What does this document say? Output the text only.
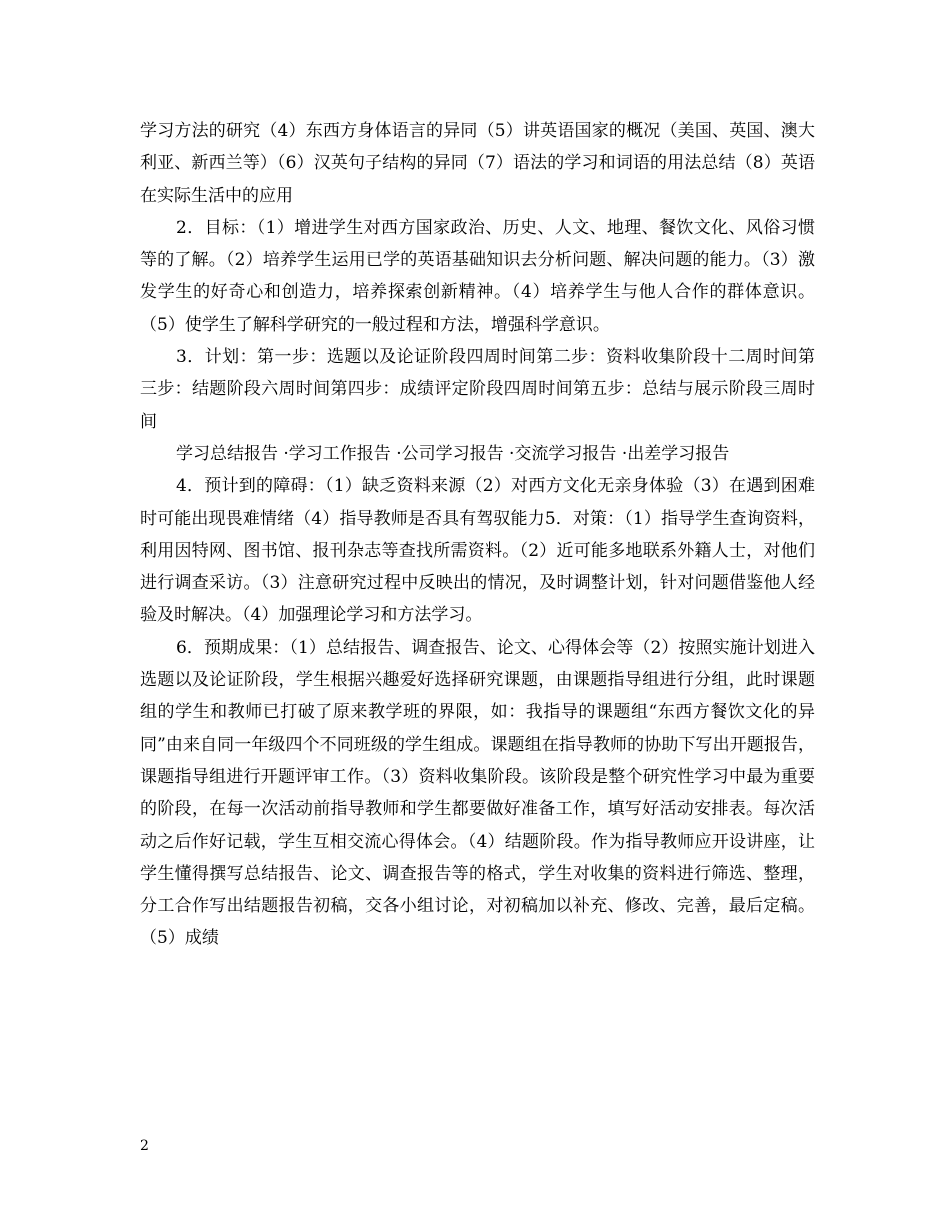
学习方法的研究（4）东西方身体语言的异同（5）讲英语国家的概况（美国、英国、澳大利亚、新西兰等）（6）汉英句子结构的异同（7）语法的学习和词语的用法总结（8）英语在实际生活中的应用

2．目标：（1）增进学生对西方国家政治、历史、人文、地理、餐饮文化、风俗习惯等的了解。（2）培养学生运用已学的英语基础知识去分析问题、解决问题的能力。（3）激发学生的好奇心和创造力，培养探索创新精神。（4）培养学生与他人合作的群体意识。（5）使学生了解科学研究的一般过程和方法，增强科学意识。

3．计划：第一步：选题以及论证阶段四周时间第二步：资料收集阶段十二周时间第三步：结题阶段六周时间第四步：成绩评定阶段四周时间第五步：总结与展示阶段三周时间

学习总结报告 ·学习工作报告 ·公司学习报告 ·交流学习报告 ·出差学习报告

4．预计到的障碍：（1）缺乏资料来源（2）对西方文化无亲身体验（3）在遇到困难时可能出现畏难情绪（4）指导教师是否具有驾驭能力5．对策：（1）指导学生查询资料，利用因特网、图书馆、报刊杂志等查找所需资料。（2）近可能多地联系外籍人士，对他们进行调查采访。（3）注意研究过程中反映出的情况，及时调整计划，针对问题借鉴他人经验及时解决。（4）加强理论学习和方法学习。

6．预期成果：（1）总结报告、调查报告、论文、心得体会等（2）按照实施计划进入选题以及论证阶段，学生根据兴趣爱好选择研究课题，由课题指导组进行分组，此时课题组的学生和教师已打破了原来教学班的界限，如：我指导的课题组“东西方餐饮文化的异同”由来自同一年级四个不同班级的学生组成。课题组在指导教师的协助下写出开题报告，课题指导组进行开题评审工作。（3）资料收集阶段。该阶段是整个研究性学习中最为重要的阶段，在每一次活动前指导教师和学生都要做好准备工作，填写好活动安排表。每次活动之后作好记载，学生互相交流心得体会。（4）结题阶段。作为指导教师应开设讲座，让学生懂得撰写总结报告、论文、调查报告等的格式，学生对收集的资料进行筛选、整理，分工合作写出结题报告初稿，交各小组讨论，对初稿加以补充、修改、完善，最后定稿。（5）成绩

2
